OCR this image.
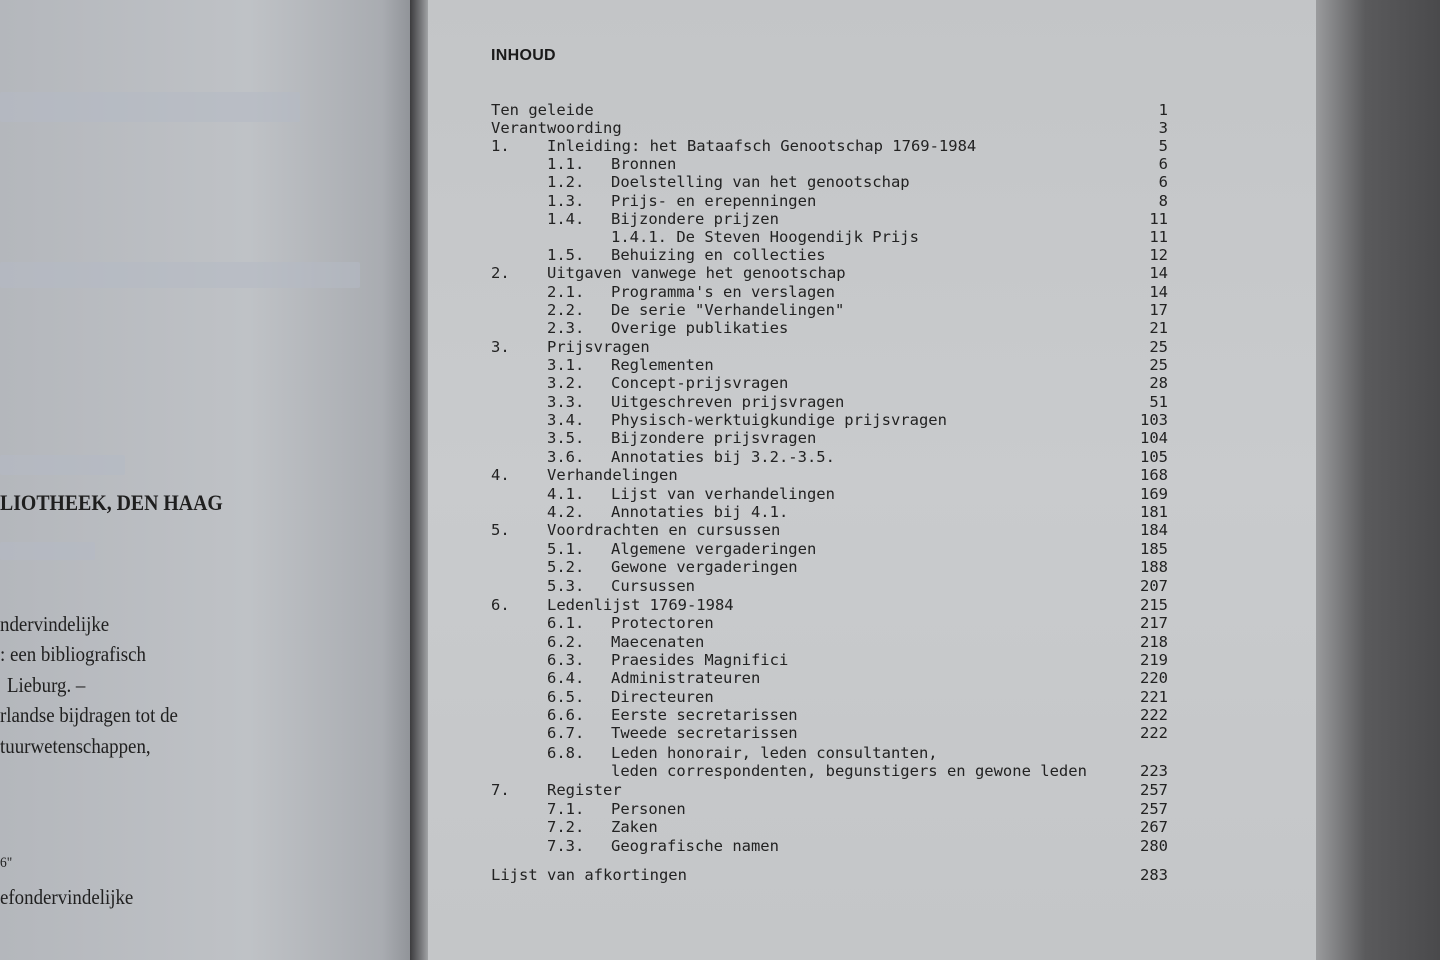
LIOTHEEK, DEN HAAG
ndervindelijke
: een bibliografisch
Lieburg. –
rlandse bijdragen tot de
tuurwetenschappen,
6"
efondervindelijke
INHOUD
Ten geleide	1
Verantwoording	3
1. Inleiding: het Bataafsch Genootschap 1769-1984	5
1.1. Bronnen	6
1.2. Doelstelling van het genootschap	6
1.3. Prijs- en erepenningen	8
1.4. Bijzondere prijzen	11
1.4.1. De Steven Hoogendijk Prijs	11
1.5. Behuizing en collecties	12
2. Uitgaven vanwege het genootschap	14
2.1. Programma's en verslagen	14
2.2. De serie "Verhandelingen"	17
2.3. Overige publikaties	21
3. Prijsvragen	25
3.1. Reglementen	25
3.2. Concept-prijsvragen	28
3.3. Uitgeschreven prijsvragen	51
3.4. Physisch-werktuigkundige prijsvragen	103
3.5. Bijzondere prijsvragen	104
3.6. Annotaties bij 3.2.-3.5.	105
4. Verhandelingen	168
4.1. Lijst van verhandelingen	169
4.2. Annotaties bij 4.1.	181
5. Voordrachten en cursussen	184
5.1. Algemene vergaderingen	185
5.2. Gewone vergaderingen	188
5.3. Cursussen	207
6. Ledenlijst 1769-1984	215
6.1. Protectoren	217
6.2. Maecenaten	218
6.3. Praesides Magnifici	219
6.4. Administrateuren	220
6.5. Directeuren	221
6.6. Eerste secretarissen	222
6.7. Tweede secretarissen	222
6.8. Leden honorair, leden consultanten,
leden correspondenten, begunstigers en gewone leden	223
7. Register	257
7.1. Personen	257
7.2. Zaken	267
7.3. Geografische namen	280
Lijst van afkortingen	283
